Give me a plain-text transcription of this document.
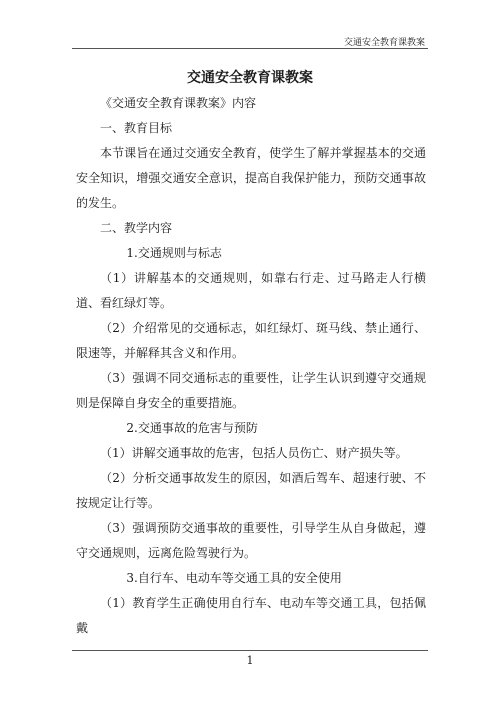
交通安全教育课教案
交通安全教育课教案

《交通安全教育课教案》内容

一、教育目标

本节课旨在通过交通安全教育，使学生了解并掌握基本的交通安全知识，增强交通安全意识，提高自我保护能力，预防交通事故的发生。

二、教学内容

1.交通规则与标志

（1）讲解基本的交通规则，如靠右行走、过马路走人行横道、看红绿灯等。

（2）介绍常见的交通标志，如红绿灯、斑马线、禁止通行、限速等，并解释其含义和作用。

（3）强调不同交通标志的重要性，让学生认识到遵守交通规则是保障自身安全的重要措施。

2.交通事故的危害与预防

（1）讲解交通事故的危害，包括人员伤亡、财产损失等。

（2）分析交通事故发生的原因，如酒后驾车、超速行驶、不按规定让行等。

（3）强调预防交通事故的重要性，引导学生从自身做起，遵守交通规则，远离危险驾驶行为。

3.自行车、电动车等交通工具的安全使用

（1）教育学生正确使用自行车、电动车等交通工具，包括佩戴

1
